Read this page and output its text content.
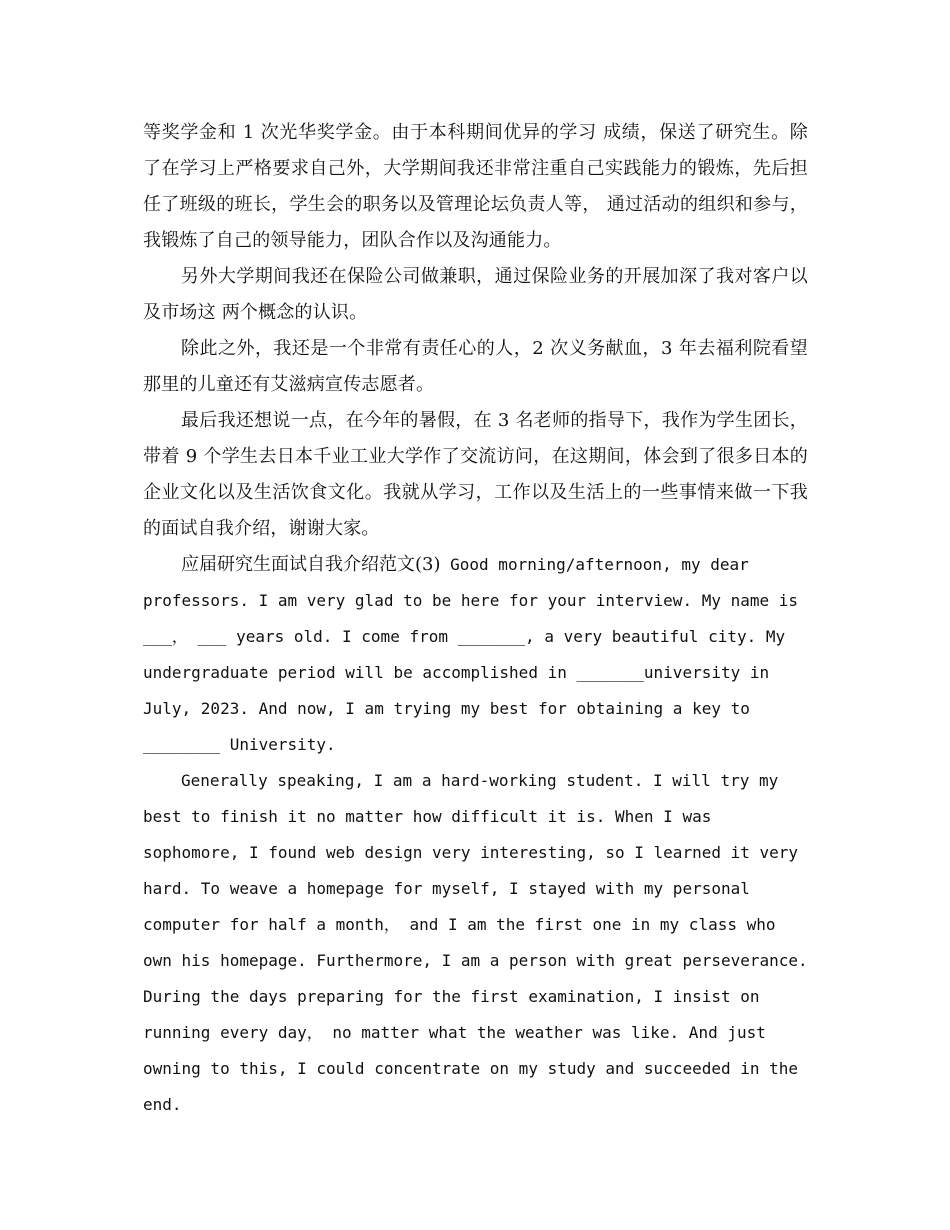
等奖学金和 1 次光华奖学金。由于本科期间优异的学习 成绩，保送了研究生。除了在学习上严格要求自己外，大学期间我还非常注重自己实践能力的锻炼，先后担任了班级的班长，学生会的职务以及管理论坛负责人等， 通过活动的组织和参与，我锻炼了自己的领导能力，团队合作以及沟通能力。

另外大学期间我还在保险公司做兼职，通过保险业务的开展加深了我对客户以及市场这 两个概念的认识。

除此之外，我还是一个非常有责任心的人，2 次义务献血，3 年去福利院看望那里的儿童还有艾滋病宣传志愿者。

最后我还想说一点，在今年的暑假，在 3 名老师的指导下，我作为学生团长，带着 9 个学生去日本千业工业大学作了交流访问，在这期间，体会到了很多日本的企业文化以及生活饮食文化。我就从学习，工作以及生活上的一些事情来做一下我的面试自我介绍，谢谢大家。

应届研究生面试自我介绍范文(3) Good morning/afternoon, my dear professors. I am very glad to be here for your interview. My name is ___， ___ years old. I come from _______, a very beautiful city. My undergraduate period will be accomplished in _______university in July, 2023. And now, I am trying my best for obtaining a key to ________ University.

Generally speaking, I am a hard-working student. I will try my best to finish it no matter how difficult it is. When I was sophomore, I found web design very interesting, so I learned it very hard. To weave a homepage for myself, I stayed with my personal computer for half a month， and I am the first one in my class who own his homepage. Furthermore, I am a person with great perseverance. During the days preparing for the first examination, I insist on running every day， no matter what the weather was like. And just owning to this, I could concentrate on my study and succeeded in the end.
